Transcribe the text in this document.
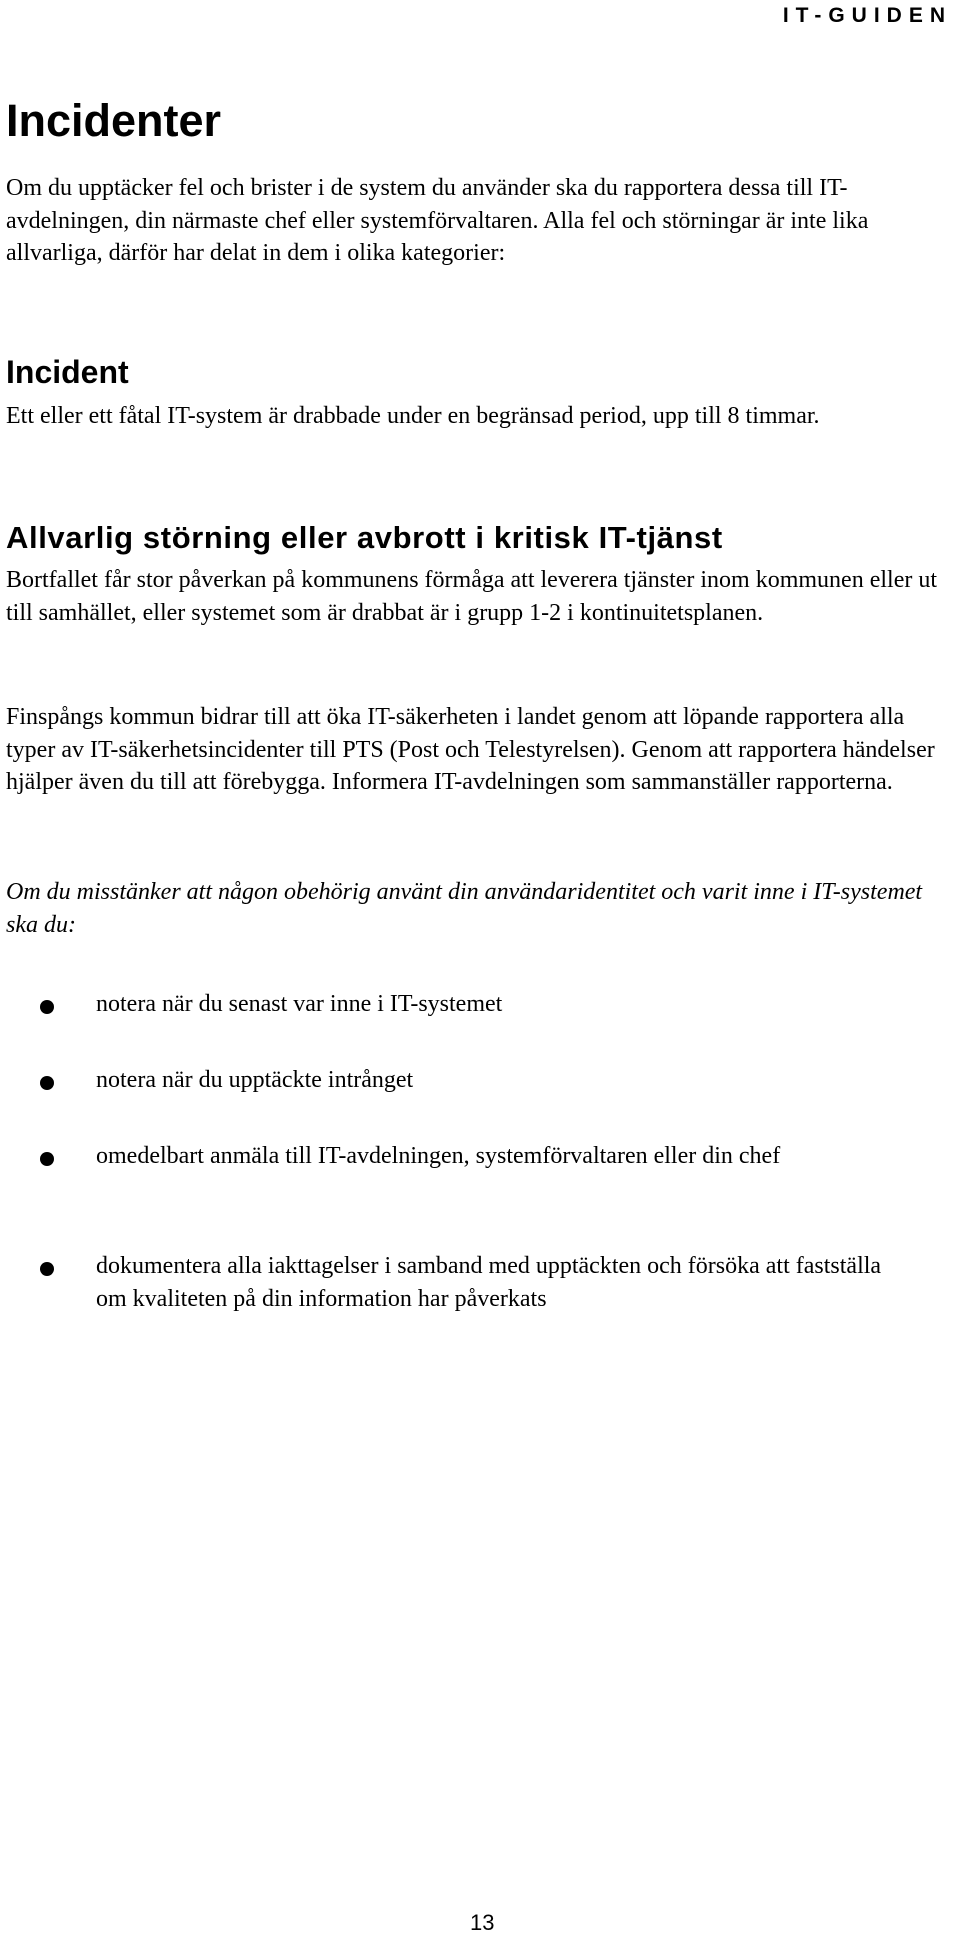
IT-GUIDEN

Incidenter

Om du upptäcker fel och brister i de system du använder ska du rapportera dessa till IT-avdelningen, din närmaste chef eller systemförvaltaren. Alla fel och störningar är inte lika allvarliga, därför har delat in dem i olika kategorier:

Incident

Ett eller ett fåtal IT-system är drabbade under en begränsad period, upp till 8 timmar.

Allvarlig störning eller avbrott i kritisk IT-tjänst

Bortfallet får stor påverkan på kommunens förmåga att leverera tjänster inom kommunen eller ut till samhället, eller systemet som är drabbat är i grupp 1-2 i kontinuitetsplanen.

Finspångs kommun bidrar till att öka IT-säkerheten i landet genom att löpande rapportera alla typer av IT-säkerhetsincidenter till PTS (Post och Telestyrelsen). Genom att rapportera händelser hjälper även du till att förebygga. Informera IT-avdelningen som sammanställer rapporterna.

Om du misstänker att någon obehörig använt din användaridentitet och varit inne i IT-systemet ska du:

notera när du senast var inne i IT-systemet
notera när du upptäckte intrånget
omedelbart anmäla till IT-avdelningen, systemförvaltaren eller din chef
dokumentera alla iakttagelser i samband med upptäckten och försöka att fastställa om kvaliteten på din information har påverkats

13
